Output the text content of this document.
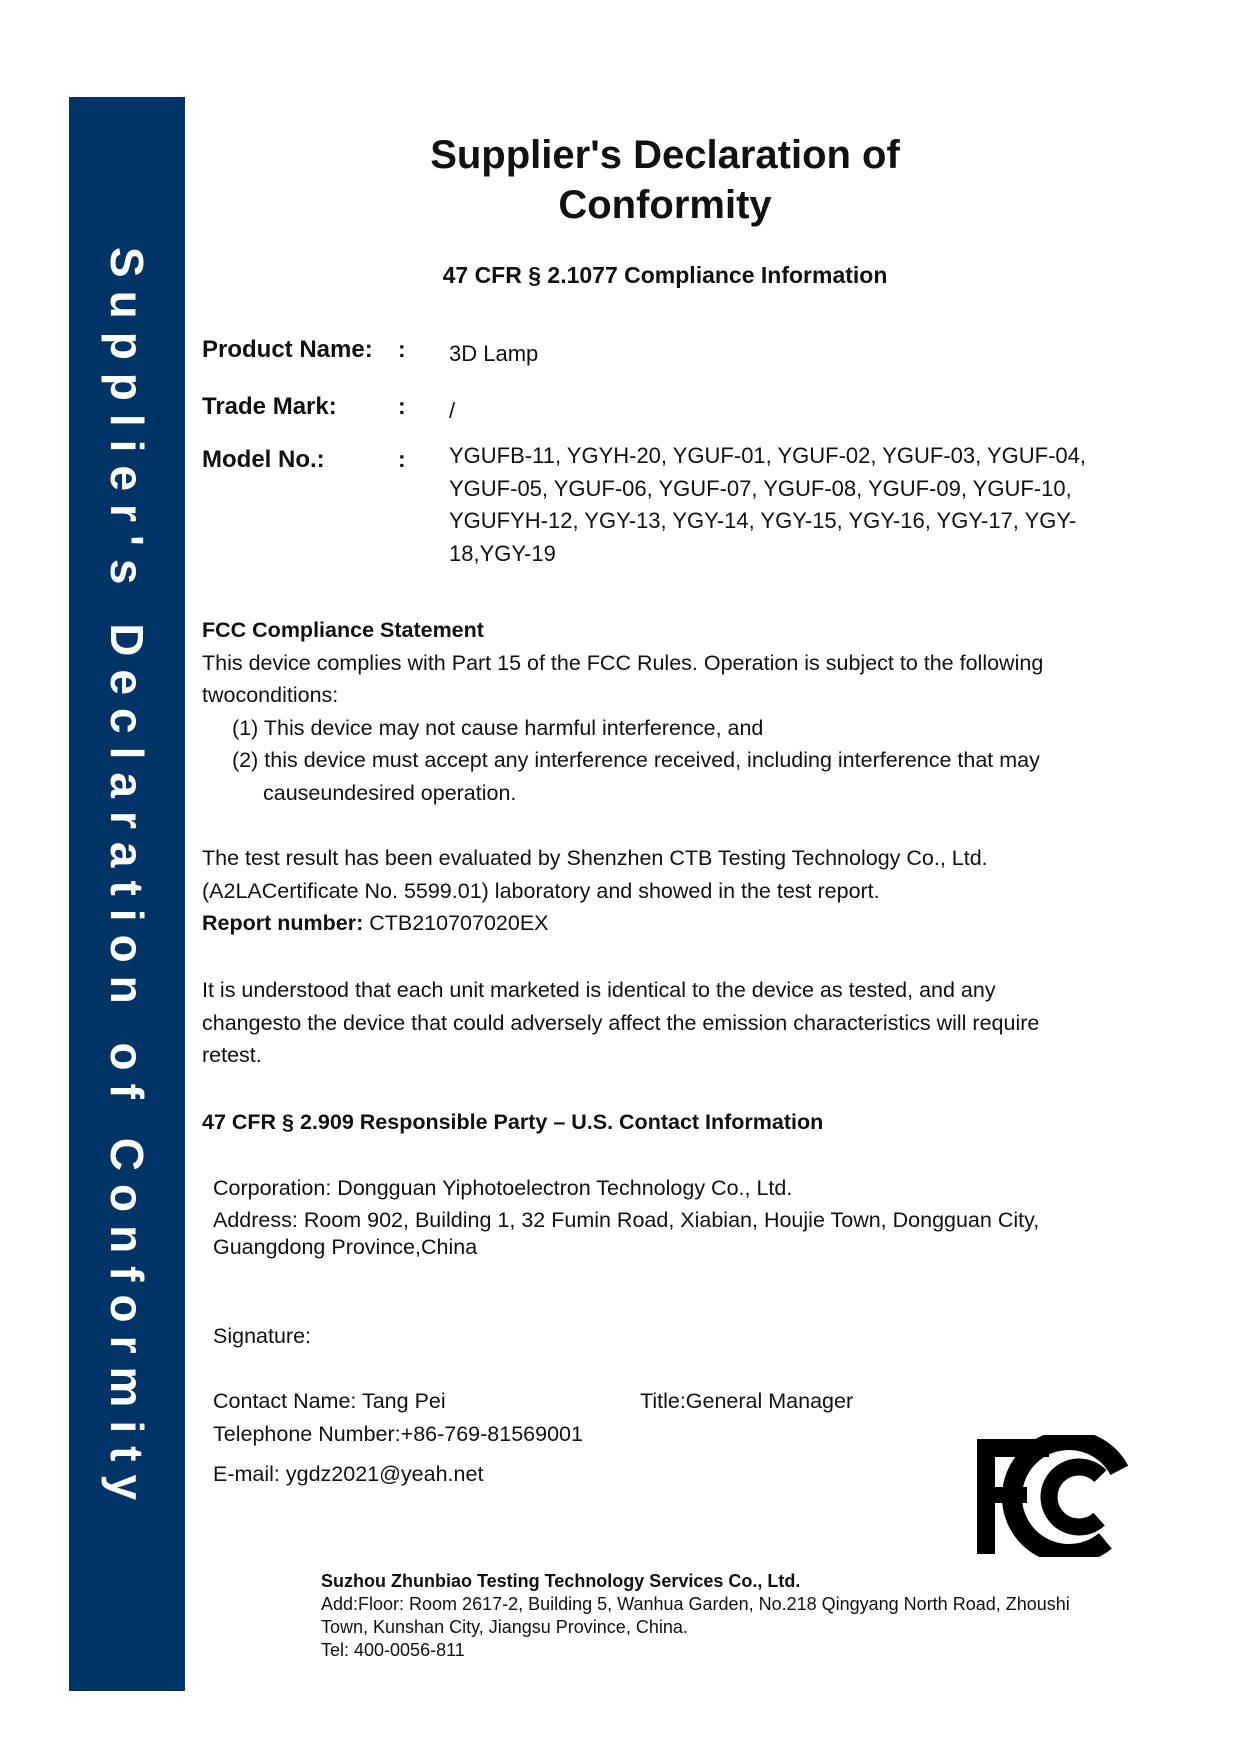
Supplier's Declaration of Conformity
Supplier's Declaration of
Conformity
47 CFR § 2.1077 Compliance Information
Product Name: : 3D Lamp
Trade Mark:	: /
Model No.:	: YGUFB-11, YGYH-20, YGUF-01, YGUF-02, YGUF-03, YGUF-04,
YGUF-05, YGUF-06, YGUF-07, YGUF-08, YGUF-09, YGUF-10,
YGUFYH-12, YGY-13, YGY-14, YGY-15, YGY-16, YGY-17, YGY-
18,YGY-19
FCC Compliance Statement
This device complies with Part 15 of the FCC Rules. Operation is subject to the following
twoconditions:
(1) This device may not cause harmful interference, and
(2) this device must accept any interference received, including interference that may
causeundesired operation.
The test result has been evaluated by Shenzhen CTB Testing Technology Co., Ltd.
(A2LACertificate No. 5599.01) laboratory and showed in the test report.
Report number: CTB210707020EX
It is understood that each unit marketed is identical to the device as tested, and any
changesto the device that could adversely affect the emission characteristics will require
retest.
47 CFR § 2.909 Responsible Party – U.S. Contact Information
Corporation: Dongguan Yiphotoelectron Technology Co., Ltd.
Address: Room 902, Building 1, 32 Fumin Road, Xiabian, Houjie Town, Dongguan City,
Guangdong Province,China
Signature:
Contact Name: Tang Pei	Title:General Manager
Telephone Number:+86-769-81569001
E-mail: ygdz2021@yeah.net
Suzhou Zhunbiao Testing Technology Services Co., Ltd.
Add:Floor: Room 2617-2, Building 5, Wanhua Garden, No.218 Qingyang North Road, Zhoushi
Town, Kunshan City, Jiangsu Province, China.
Tel: 400-0056-811
